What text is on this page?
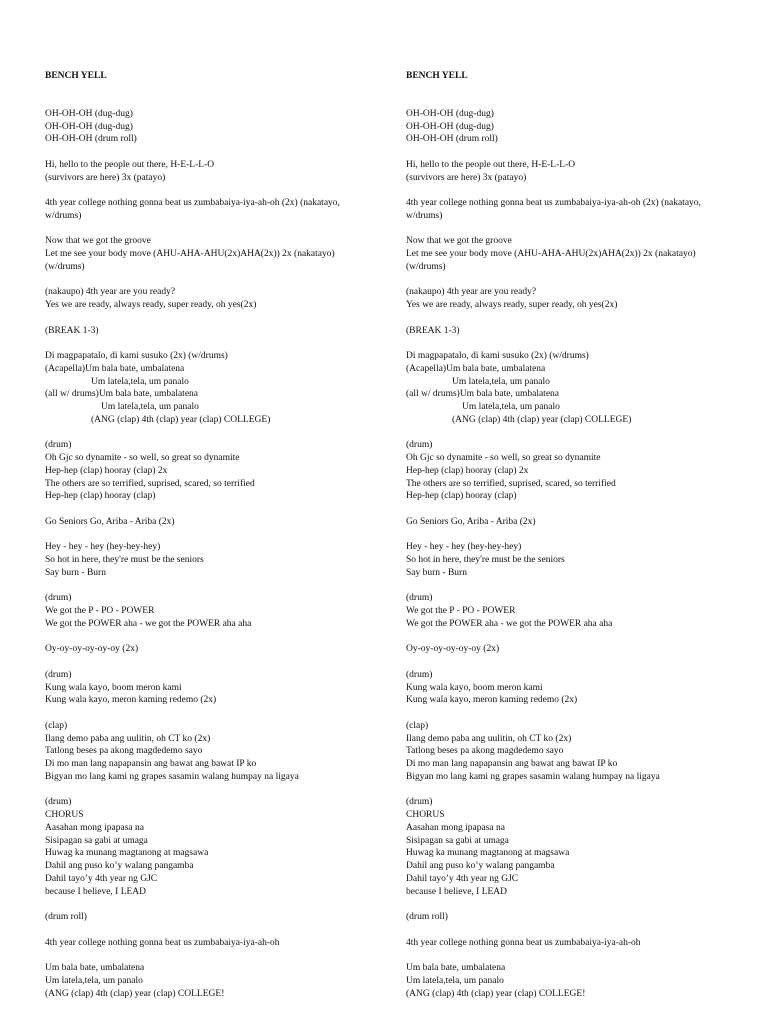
BENCH YELL

OH-OH-OH (dug-dug)
OH-OH-OH (dug-dug)
OH-OH-OH (drum roll)
Hi, hello to the people out there, H-E-L-L-O
(survivors are here) 3x (patayo)
4th year college nothing gonna beat us zumbabaiya-iya-ah-oh (2x) (nakatayo,
w/drums)
Now that we got the groove
Let me see your body move (AHU-AHA-AHU(2x)AHA(2x)) 2x (nakatayo)
(w/drums)
(nakaupo) 4th year are you ready?
Yes we are ready, always ready, super ready, oh yes(2x)
(BREAK 1-3)
Di magpapatalo, di kami susuko (2x) (w/drums)
(Acapella)Um bala bate, umbalatena
Um latela,tela, um panalo
(all w/ drums)Um bala bate, umbalatena
Um latela,tela, um panalo
(ANG (clap) 4th (clap) year (clap) COLLEGE)
(drum)
Oh Gjc so dynamite - so well, so great so dynamite
Hep-hep (clap) hooray (clap) 2x
The others are so terrified, suprised, scared, so terrified
Hep-hep (clap) hooray (clap)
Go Seniors Go, Ariba - Ariba (2x)
Hey - hey - hey (hey-hey-hey)
So hot in here, they're must be the seniors
Say burn - Burn
(drum)
We got the P - PO - POWER
We got the POWER aha - we got the POWER aha aha
Oy-oy-oy-oy-oy-oy (2x)
(drum)
Kung wala kayo, boom meron kami
Kung wala kayo, meron kaming redemo (2x)
(clap)
Ilang demo paba ang uulitin, oh CT ko (2x)
Tatlong beses pa akong magdedemo sayo
Di mo man lang napapansin ang bawat ang bawat IP ko
Bigyan mo lang kami ng grapes sasamin walang humpay na ligaya
(drum)
CHORUS
Aasahan mong ipapasa na
Sisipagan sa gabi at umaga
Huwag ka munang magtanong at magsawa
Dahil ang puso ko’y walang pangamba
Dahil tayo’y 4th year ng GJC
because I believe, I LEAD
(drum roll)
4th year college nothing gonna beat us zumbabaiya-iya-ah-oh
Um bala bate, umbalatena
Um latela,tela, um panalo
(ANG (clap) 4th (clap) year (clap) COLLEGE!

BENCH YELL

OH-OH-OH (dug-dug)
OH-OH-OH (dug-dug)
OH-OH-OH (drum roll)
Hi, hello to the people out there, H-E-L-L-O
(survivors are here) 3x (patayo)
4th year college nothing gonna beat us zumbabaiya-iya-ah-oh (2x) (nakatayo,
w/drums)
Now that we got the groove
Let me see your body move (AHU-AHA-AHU(2x)AHA(2x)) 2x (nakatayo)
(w/drums)
(nakaupo) 4th year are you ready?
Yes we are ready, always ready, super ready, oh yes(2x)
(BREAK 1-3)
Di magpapatalo, di kami susuko (2x) (w/drums)
(Acapella)Um bala bate, umbalatena
Um latela,tela, um panalo
(all w/ drums)Um bala bate, umbalatena
Um latela,tela, um panalo
(ANG (clap) 4th (clap) year (clap) COLLEGE)
(drum)
Oh Gjc so dynamite - so well, so great so dynamite
Hep-hep (clap) hooray (clap) 2x
The others are so terrified, suprised, scared, so terrified
Hep-hep (clap) hooray (clap)
Go Seniors Go, Ariba - Ariba (2x)
Hey - hey - hey (hey-hey-hey)
So hot in here, they're must be the seniors
Say burn - Burn
(drum)
We got the P - PO - POWER
We got the POWER aha - we got the POWER aha aha
Oy-oy-oy-oy-oy-oy (2x)
(drum)
Kung wala kayo, boom meron kami
Kung wala kayo, meron kaming redemo (2x)
(clap)
Ilang demo paba ang uulitin, oh CT ko (2x)
Tatlong beses pa akong magdedemo sayo
Di mo man lang napapansin ang bawat ang bawat IP ko
Bigyan mo lang kami ng grapes sasamin walang humpay na ligaya
(drum)
CHORUS
Aasahan mong ipapasa na
Sisipagan sa gabi at umaga
Huwag ka munang magtanong at magsawa
Dahil ang puso ko’y walang pangamba
Dahil tayo’y 4th year ng GJC
because I believe, I LEAD
(drum roll)
4th year college nothing gonna beat us zumbabaiya-iya-ah-oh
Um bala bate, umbalatena
Um latela,tela, um panalo
(ANG (clap) 4th (clap) year (clap) COLLEGE!
